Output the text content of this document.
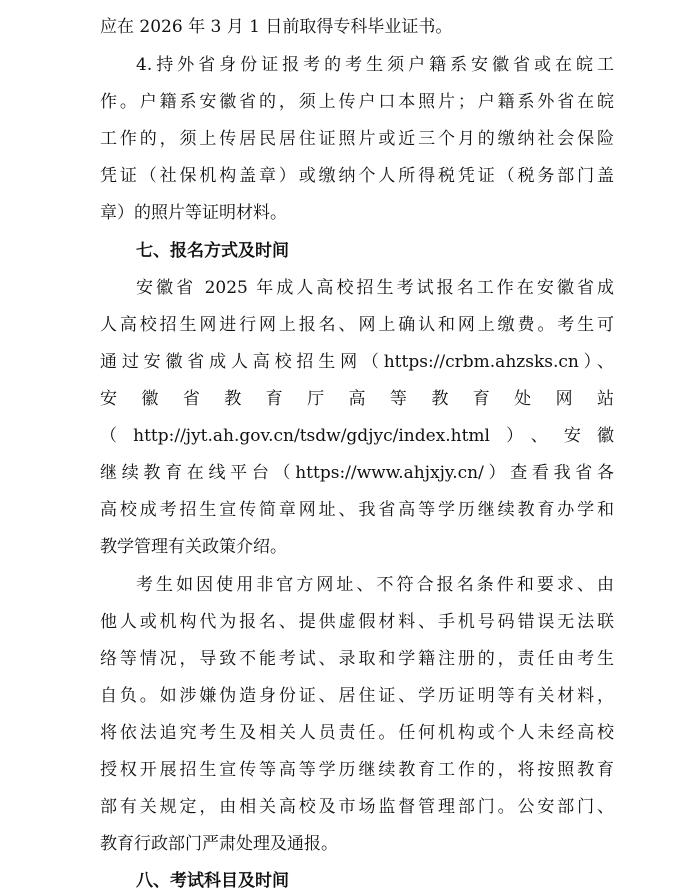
应在 2026 年 3 月 1 日前取得专科毕业证书。
4.持外省身份证报考的考生须户籍系安徽省或在皖工
作。户籍系安徽省的，须上传户口本照片；户籍系外省在皖
工作的，须上传居民居住证照片或近三个月的缴纳社会保险
凭证（社保机构盖章）或缴纳个人所得税凭证（税务部门盖
章）的照片等证明材料。
七、报名方式及时间
安徽省 2025 年成人高校招生考试报名工作在安徽省成
人高校招生网进行网上报名、网上确认和网上缴费。考生可
通过安徽省成人高校招生网（https://crbm.ahzsks.cn）、
安徽省教育厅高等教育处网站
（http://jyt.ah.gov.cn/tsdw/gdjyc/index.html）、安徽
继续教育在线平台（https://www.ahjxjy.cn/）查看我省各
高校成考招生宣传简章网址、我省高等学历继续教育办学和
教学管理有关政策介绍。
考生如因使用非官方网址、不符合报名条件和要求、由
他人或机构代为报名、提供虚假材料、手机号码错误无法联
络等情况，导致不能考试、录取和学籍注册的，责任由考生
自负。如涉嫌伪造身份证、居住证、学历证明等有关材料，
将依法追究考生及相关人员责任。任何机构或个人未经高校
授权开展招生宣传等高等学历继续教育工作的，将按照教育
部有关规定，由相关高校及市场监督管理部门。公安部门、
教育行政部门严肃处理及通报。
八、考试科目及时间
